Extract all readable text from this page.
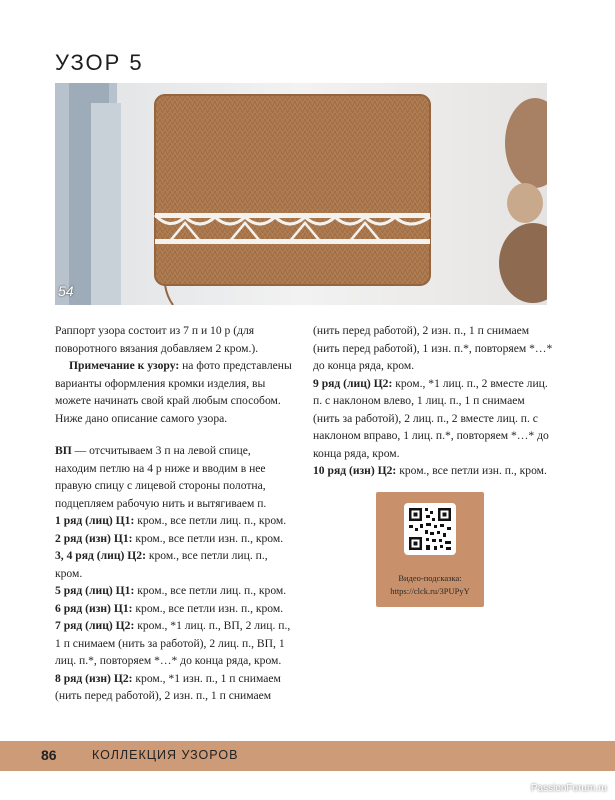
УЗОР 5
54

Раппорт узора состоит из 7 п и 10 р (для поворотного вязания добавляем 2 кром.).

Примечание к узору: на фото представлены варианты оформления кромки изделия, вы можете начинать свой край любым способом. Ниже дано описание самого узора.

ВП — отсчитываем 3 п на левой спице, находим петлю на 4 р ниже и вводим в нее правую спицу с лицевой стороны полотна, подцепляем рабочую нить и вытягиваем п.

1 ряд (лиц) Ц1: кром., все петли лиц. п., кром.

2 ряд (изн) Ц1: кром., все петли изн. п., кром.

3, 4 ряд (лиц) Ц2: кром., все петли лиц. п., кром.

5 ряд (лиц) Ц1: кром., все петли лиц. п., кром.

6 ряд (изн) Ц1: кром., все петли изн. п., кром.

7 ряд (лиц) Ц2: кром., *1 лиц. п., ВП, 2 лиц. п., 1 п снимаем (нить за работой), 2 лиц. п., ВП, 1 лиц. п.*, повторяем *…* до конца ряда, кром.

8 ряд (изн) Ц2: кром., *1 изн. п., 1 п снимаем (нить перед работой), 2 изн. п., 1 п снимаем

(нить перед работой), 2 изн. п., 1 п снимаем (нить перед работой), 1 изн. п.*, повторяем *…* до конца ряда, кром.

9 ряд (лиц) Ц2: кром., *1 лиц. п., 2 вместе лиц. п. с наклоном влево, 1 лиц. п., 1 п снимаем (нить за работой), 2 лиц. п., 2 вместе лиц. п. с наклоном вправо, 1 лиц. п.*, повторяем *…* до конца ряда, кром.

10 ряд (изн) Ц2: кром., все петли изн. п., кром.

Видео-подсказка:
https://clck.ru/3PUPyY
86	КОЛЛЕКЦИЯ УЗОРОВ
PassionForum.ru
